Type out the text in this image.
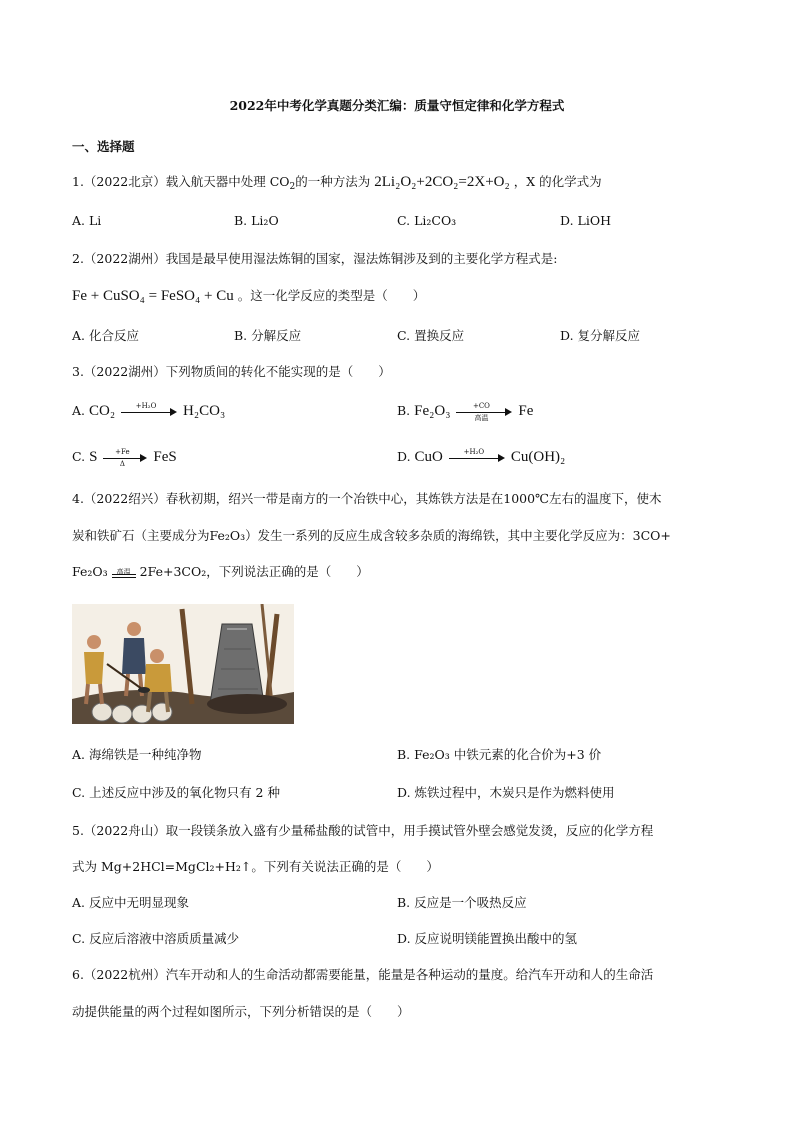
2022年中考化学真题分类汇编：质量守恒定律和化学方程式
一、选择题
1.（2022北京）载入航天器中处理 $CO_2$的一种方法为 2Li₂O₂+2CO₂=2X+O₂ ，X 的化学式为
A. Li	B. Li₂O	C. Li₂CO₃	D. LiOH
2.（2022湖州）我国是最早使用湿法炼铜的国家，湿法炼铜涉及到的主要化学方程式是:
Fe + CuSO₄ = FeSO₄ + Cu 。这一化学反应的类型是（　　）
A. 化合反应	B. 分解反应	C. 置换反应	D. 复分解反应
3.（2022湖州）下列物质间的转化不能实现的是（　　）
A. CO₂	+H₂O	H₂CO₃	B. Fe₂O₃	+CO
高温	Fe
C. S $\frac{+Fe}{\Delta}$ FeS	D. CuO	+H₂O	Cu(OH)₂
4.（2022绍兴）春秋初期，绍兴一带是南方的一个冶铁中心，其炼铁方法是在1000℃左右的温度下，使木
炭和铁矿石（主要成分为Fe₂O₃）发生一系列的反应生成含较多杂质的海绵铁，其中主要化学反应为：3CO+
Fe₂O₃	高温 2Fe+3CO₂，下列说法正确的是（　　）
A. 海绵铁是一种纯净物	B. Fe₂O₃ 中铁元素的化合价为+3 价
C. 上述反应中涉及的氧化物只有 2 种	D. 炼铁过程中，木炭只是作为燃料使用
5.（2022舟山）取一段镁条放入盛有少量稀盐酸的试管中，用手摸试管外壁会感觉发烫，反应的化学方程
式为 Mg+2HCl=MgCl₂+H₂↑。下列有关说法正确的是（　　）
A. 反应中无明显现象	B. 反应是一个吸热反应
C. 反应后溶液中溶质质量减少	D. 反应说明镁能置换出酸中的氢
6.（2022杭州）汽车开动和人的生命活动都需要能量，能量是各种运动的量度。给汽车开动和人的生命活
动提供能量的两个过程如图所示，下列分析错误的是（　　）
